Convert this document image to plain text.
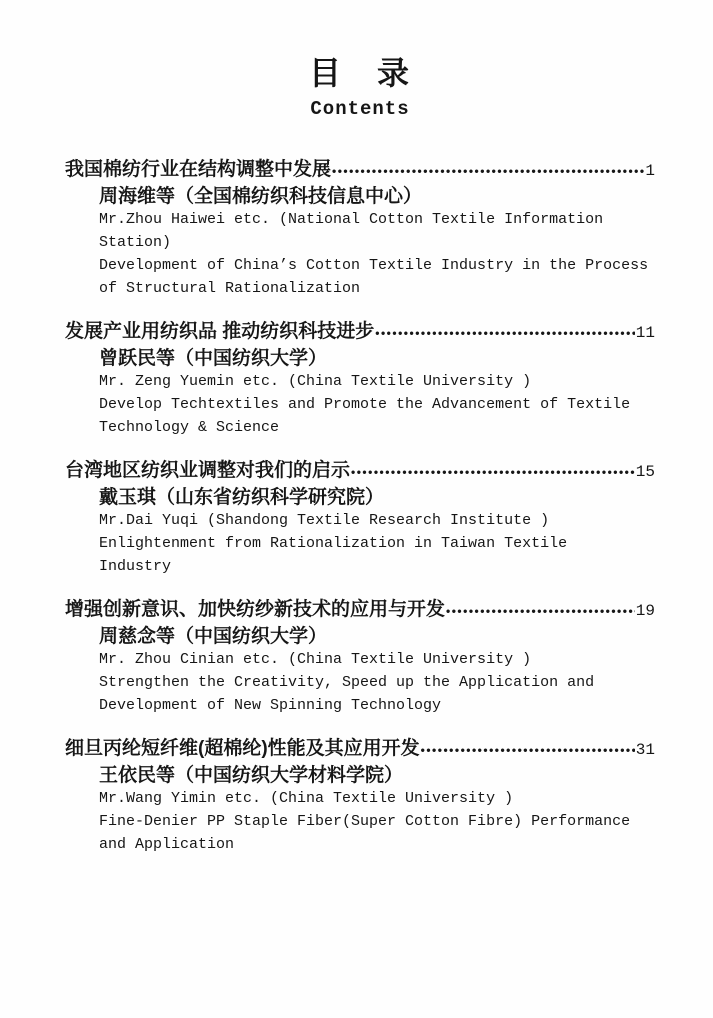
目　录
Contents
我国棉纺行业在结构调整中发展 •••••	1
周海维等（全国棉纺织科技信息中心）
Mr.Zhou Haiwei etc. (National Cotton Textile Information
Station)
Development of China’s Cotton Textile Industry in the Process
of Structural Rationalization
发展产业用纺织品 推动纺织科技进步 •••••	11
曾跃民等（中国纺织大学）
Mr. Zeng Yuemin etc. (China Textile University )
Develop Techtextiles and Promote the Advancement of Textile
Technology & Science
台湾地区纺织业调整对我们的启示 •••••	15
戴玉琪（山东省纺织科学研究院）
Mr.Dai Yuqi (Shandong Textile Research Institute )
Enlightenment from Rationalization in Taiwan Textile
Industry
增强创新意识、加快纺纱新技术的应用与开发 •••••	19
周慈念等（中国纺织大学）
Mr. Zhou Cinian etc. (China Textile University )
Strengthen the Creativity, Speed up the Application and
Development of New Spinning Technology
细旦丙纶短纤维(超棉纶)性能及其应用开发 •••••	31
王依民等（中国纺织大学材料学院）
Mr.Wang Yimin etc. (China Textile University )
Fine-Denier PP Staple Fiber(Super Cotton Fibre) Performance
and Application
